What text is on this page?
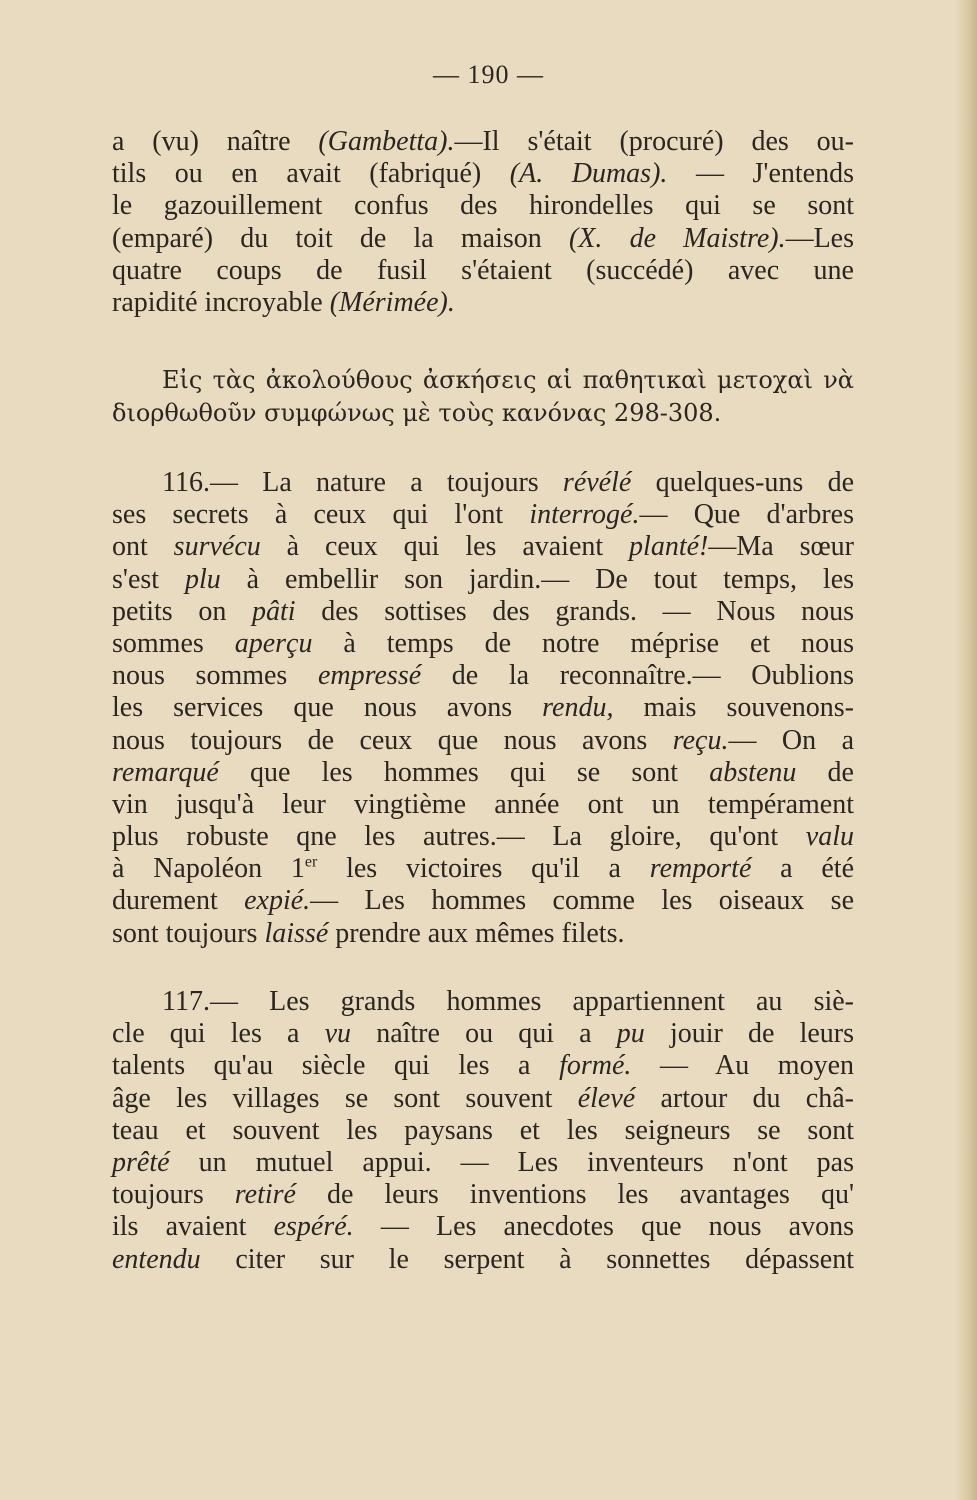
— 190 —
a (vu) naître (Gambetta).—Il s'était (procuré) des ou-
tils ou en avait (fabriqué) (A. Dumas). — J'entends
le gazouillement confus des hirondelles qui se sont
(emparé) du toit de la maison (X. de Maistre).—Les
quatre coups de fusil s'étaient (succédé) avec une
rapidité incroyable (Mérimée).
Εἰς τὰς ἀκολούθους ἀσκήσεις αἱ παθητικαὶ μετοχαὶ νὰ
διορθωθοῦν συμφώνως μὲ τοὺς κανόνας 298-308.
116.— La nature a toujours révélé quelques-uns de
ses secrets à ceux qui l'ont interrogé.— Que d'arbres
ont survécu à ceux qui les avaient planté!—Ma sœur
s'est plu à embellir son jardin.— De tout temps, les
petits on pâti des sottises des grands. — Nous nous
sommes aperçu à temps de notre méprise et nous
nous sommes empressé de la reconnaître.— Oublions
les services que nous avons rendu, mais souvenons-
nous toujours de ceux que nous avons reçu.— On a
remarqué que les hommes qui se sont abstenu de
vin jusqu'à leur vingtième année ont un tempérament
plus robuste qne les autres.— La gloire, qu'ont valu
à Napoléon 1er les victoires qu'il a remporté a été
durement expié.— Les hommes comme les oiseaux se
sont toujours laissé prendre aux mêmes filets.
117.— Les grands hommes appartiennent au siè-
cle qui les a vu naître ou qui a pu jouir de leurs
talents qu'au siècle qui les a formé. — Au moyen
âge les villages se sont souvent élevé artour du châ-
teau et souvent les paysans et les seigneurs se sont
prêté un mutuel appui. — Les inventeurs n'ont pas
toujours retiré de leurs inventions les avantages qu'
ils avaient espéré. — Les anecdotes que nous avons
entendu citer sur le serpent à sonnettes dépassent
